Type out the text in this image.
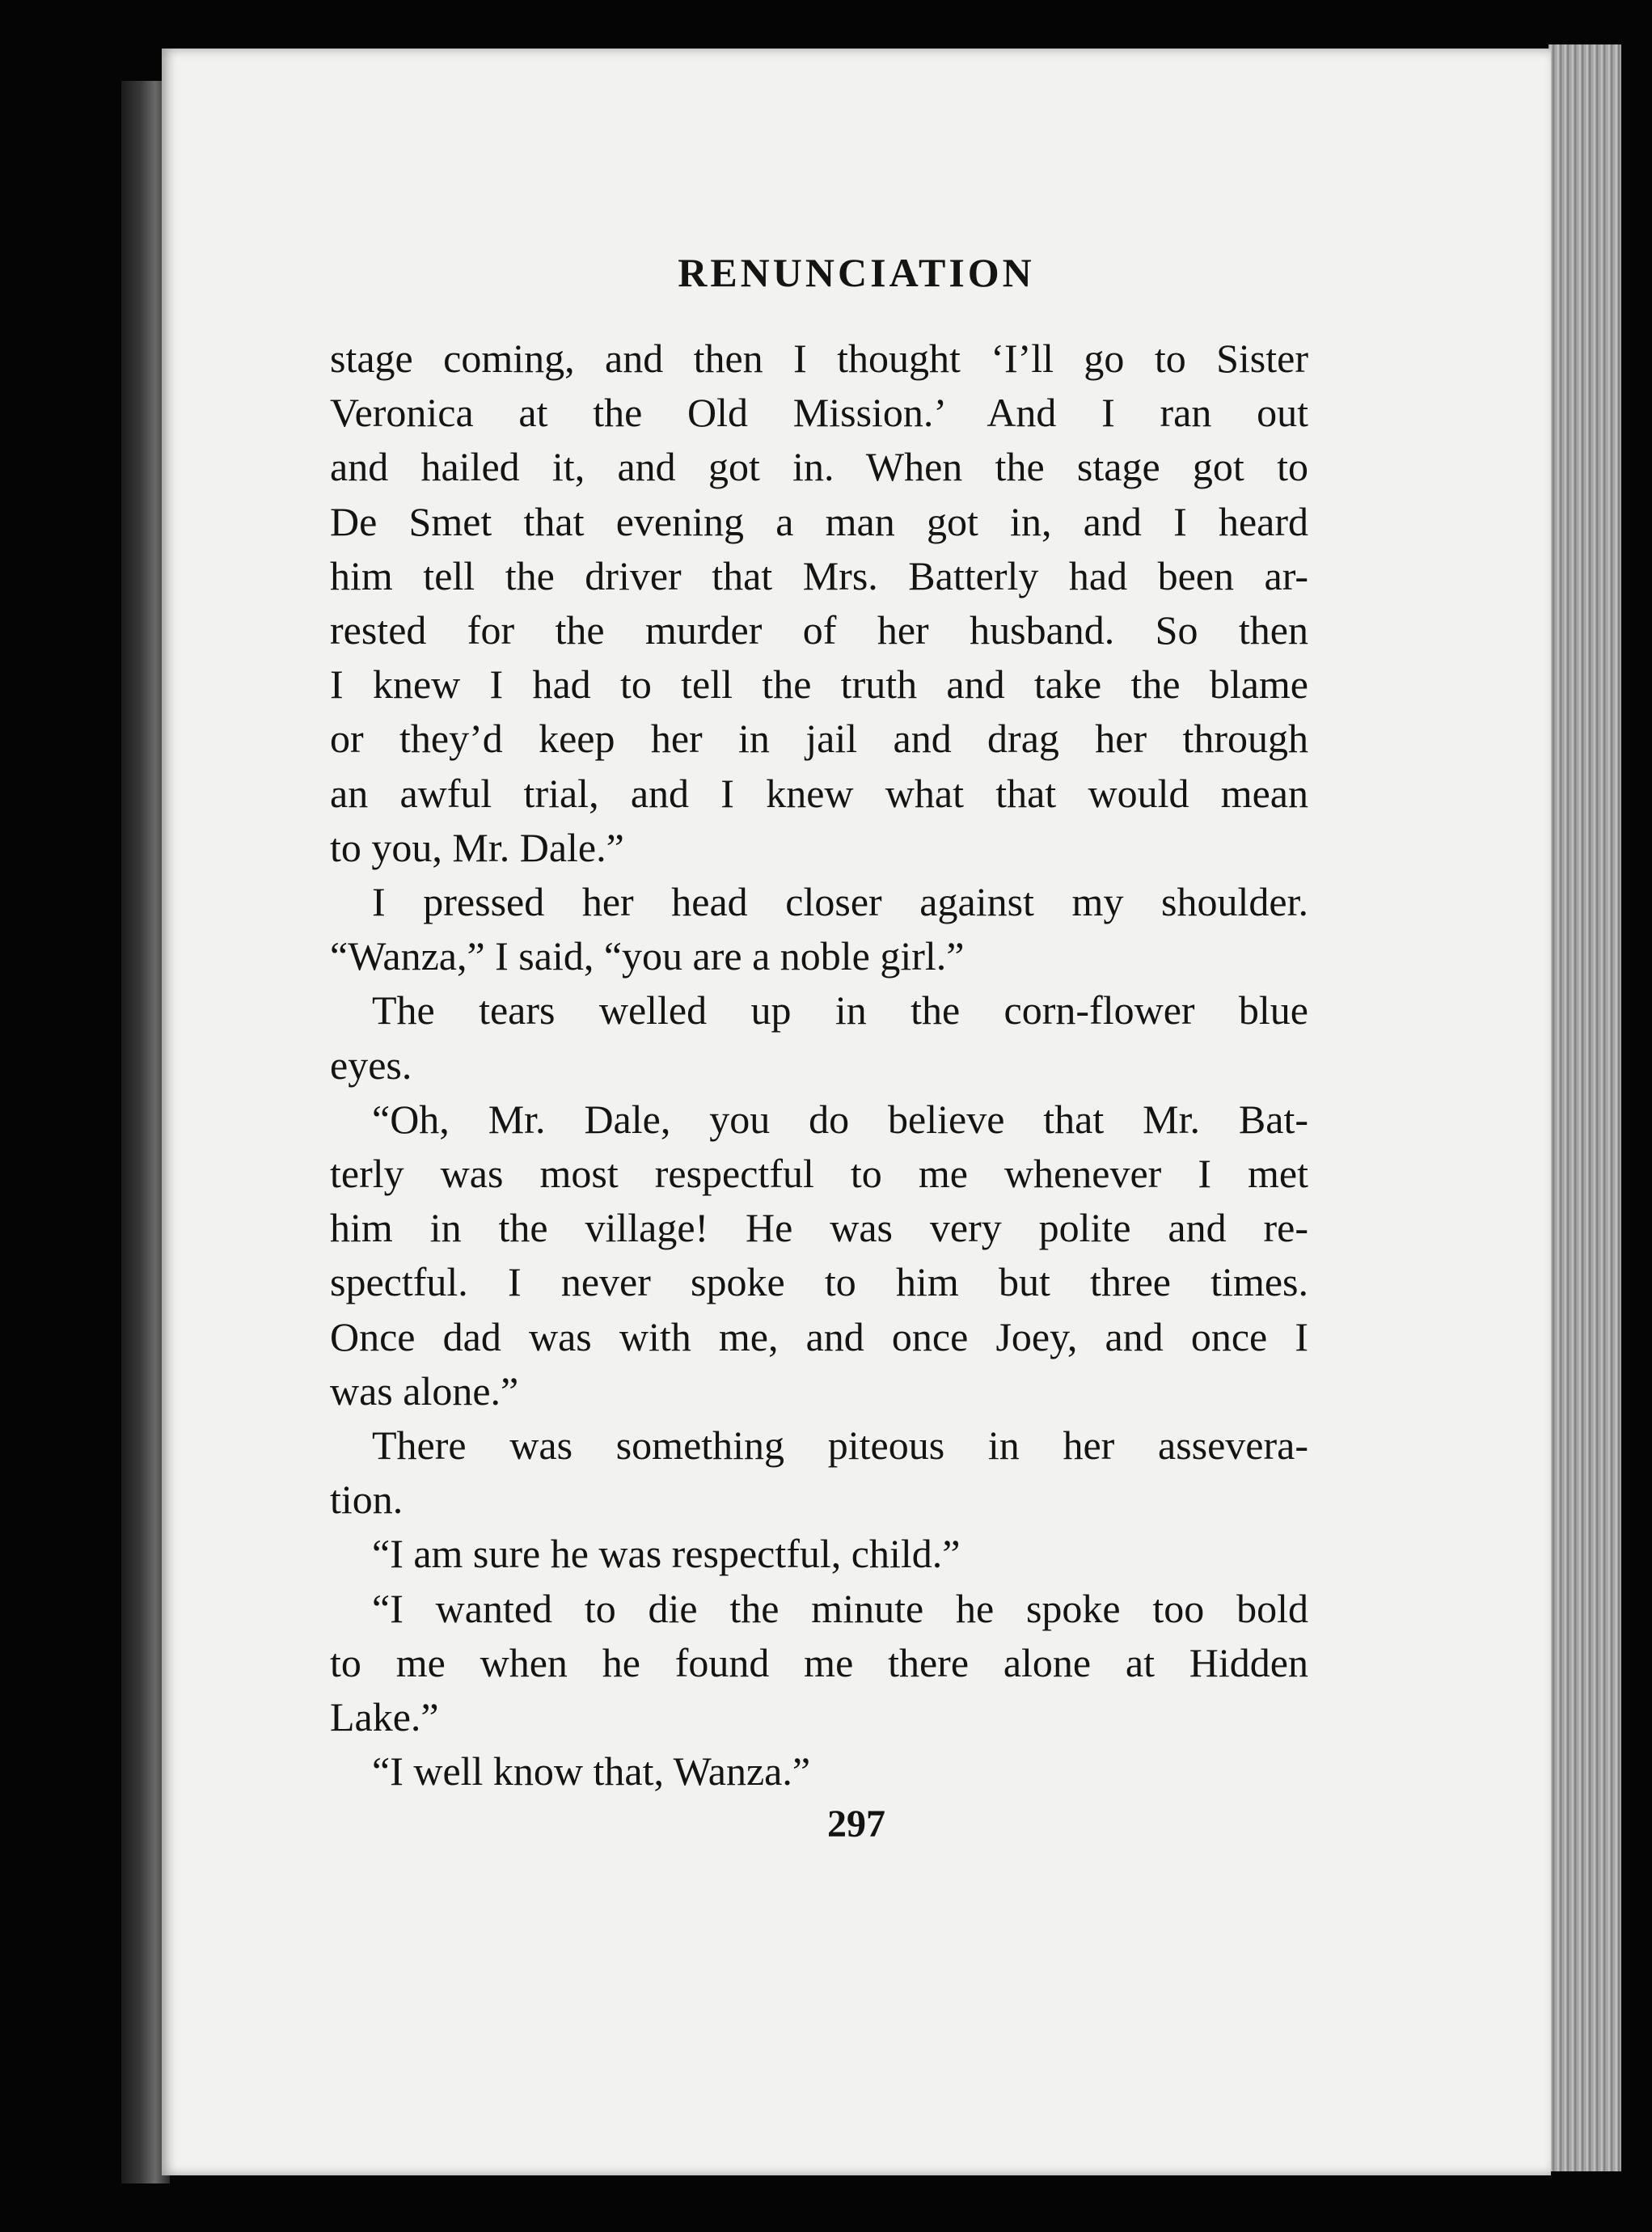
RENUNCIATION
stage coming, and then I thought ‘I’ll go to Sister
Veronica at the Old Mission.’ And I ran out
and hailed it, and got in. When the stage got to
De Smet that evening a man got in, and I heard
him tell the driver that Mrs. Batterly had been ar-
rested for the murder of her husband. So then
I knew I had to tell the truth and take the blame
or they’d keep her in jail and drag her through
an awful trial, and I knew what that would mean
to you, Mr. Dale.”
I pressed her head closer against my shoulder.
“Wanza,” I said, “you are a noble girl.”
The tears welled up in the corn-flower blue
eyes.
“Oh, Mr. Dale, you do believe that Mr. Bat-
terly was most respectful to me whenever I met
him in the village! He was very polite and re-
spectful. I never spoke to him but three times.
Once dad was with me, and once Joey, and once I
was alone.”
There was something piteous in her assevera-
tion.
“I am sure he was respectful, child.”
“I wanted to die the minute he spoke too bold
to me when he found me there alone at Hidden
Lake.”
“I well know that, Wanza.”
297
